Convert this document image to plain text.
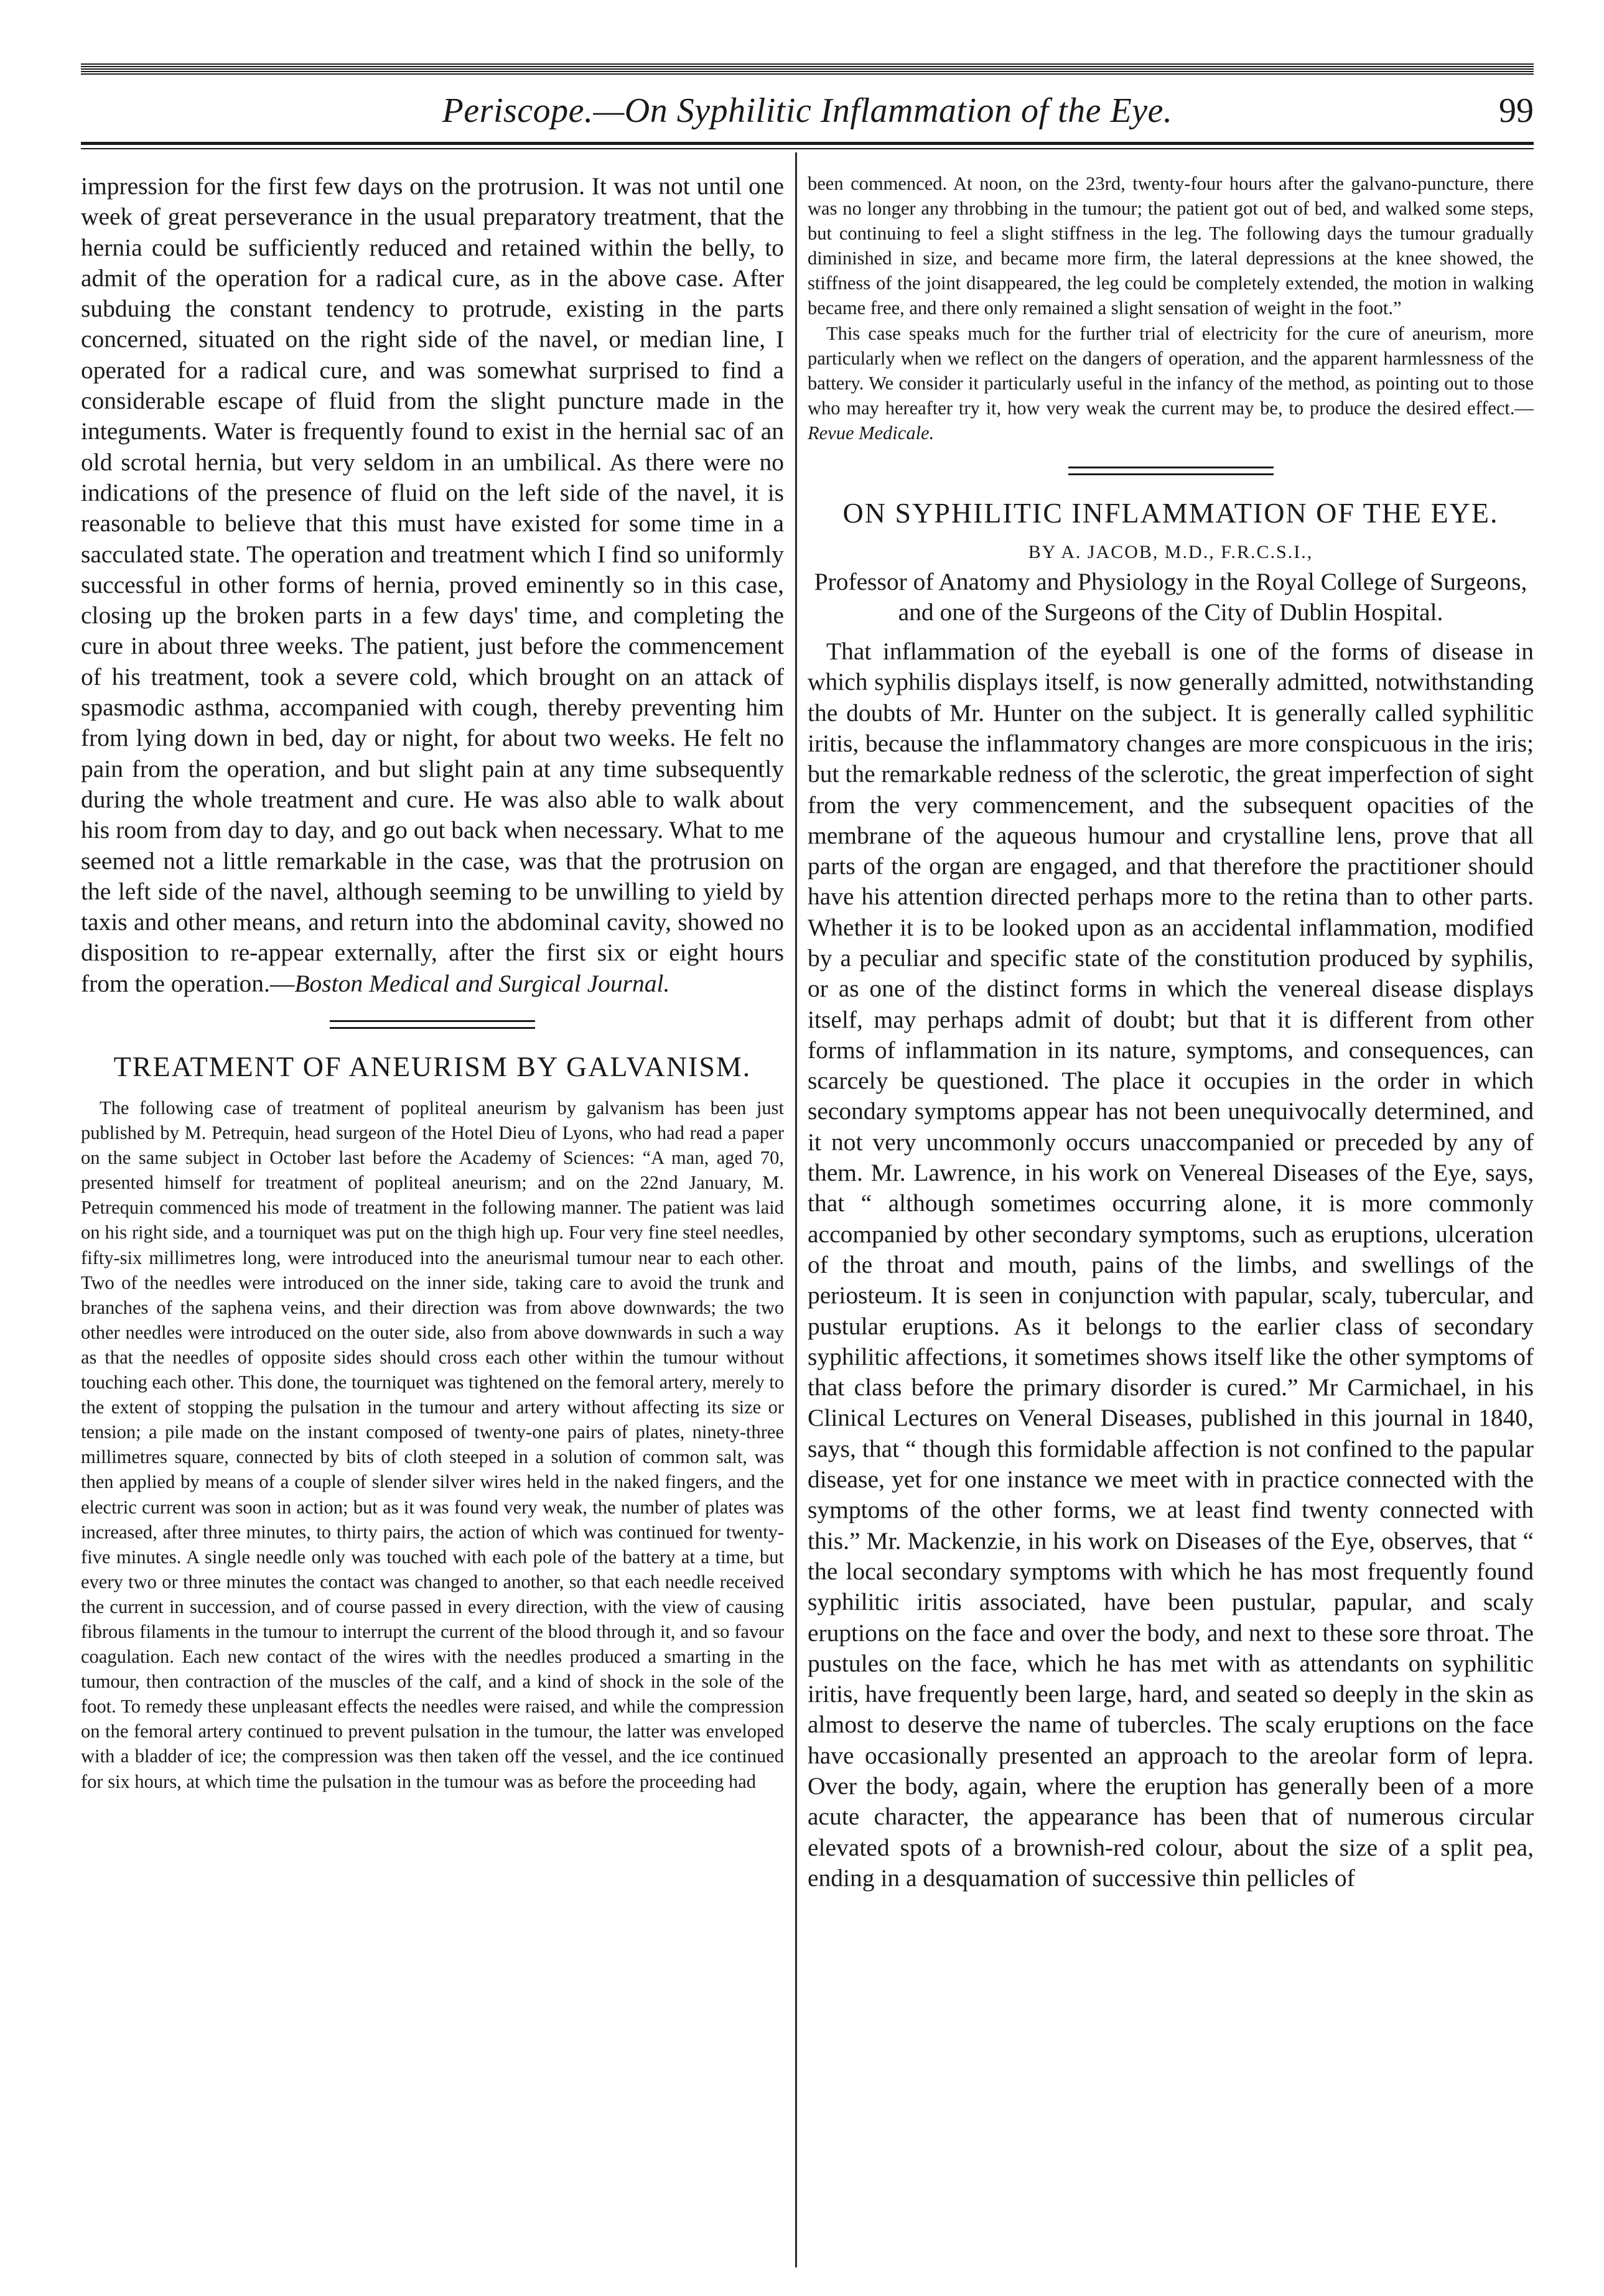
Periscope.—On Syphilitic Inflammation of the Eye.	99

impression for the first few days on the protrusion. It was not until one week of great perseverance in the usual preparatory treatment, that the hernia could be sufficiently reduced and retained within the belly, to admit of the operation for a radical cure, as in the above case. After subduing the constant tendency to protrude, existing in the parts concerned, situated on the right side of the navel, or median line, I operated for a radical cure, and was somewhat surprised to find a considerable escape of fluid from the slight puncture made in the integuments. Water is frequently found to exist in the hernial sac of an old scrotal hernia, but very seldom in an umbilical. As there were no indications of the presence of fluid on the left side of the navel, it is reasonable to believe that this must have existed for some time in a sacculated state. The operation and treatment which I find so uniformly successful in other forms of hernia, proved eminently so in this case, closing up the broken parts in a few days' time, and completing the cure in about three weeks. The patient, just before the commencement of his treatment, took a severe cold, which brought on an attack of spasmodic asthma, accompanied with cough, thereby preventing him from lying down in bed, day or night, for about two weeks. He felt no pain from the operation, and but slight pain at any time subsequently during the whole treatment and cure. He was also able to walk about his room from day to day, and go out back when necessary. What to me seemed not a little remarkable in the case, was that the protrusion on the left side of the navel, although seeming to be unwilling to yield by taxis and other means, and return into the abdominal cavity, showed no disposition to re-appear externally, after the first six or eight hours from the operation.—Boston Medical and Surgical Journal.

TREATMENT OF ANEURISM BY GALVANISM.

The following case of treatment of popliteal aneurism by galvanism has been just published by M. Petrequin, head surgeon of the Hotel Dieu of Lyons, who had read a paper on the same subject in October last before the Academy of Sciences: “A man, aged 70, presented himself for treatment of popliteal aneurism; and on the 22nd January, M. Petrequin commenced his mode of treatment in the following manner. The patient was laid on his right side, and a tourniquet was put on the thigh high up. Four very fine steel needles, fifty-six millimetres long, were introduced into the aneurismal tumour near to each other. Two of the needles were introduced on the inner side, taking care to avoid the trunk and branches of the saphena veins, and their direction was from above downwards; the two other needles were introduced on the outer side, also from above downwards in such a way as that the needles of opposite sides should cross each other within the tumour without touching each other. This done, the tourniquet was tightened on the femoral artery, merely to the extent of stopping the pulsation in the tumour and artery without affecting its size or tension; a pile made on the instant composed of twenty-one pairs of plates, ninety-three millimetres square, connected by bits of cloth steeped in a solution of common salt, was then applied by means of a couple of slender silver wires held in the naked fingers, and the electric current was soon in action; but as it was found very weak, the number of plates was increased, after three minutes, to thirty pairs, the action of which was continued for twenty-five minutes. A single needle only was touched with each pole of the battery at a time, but every two or three minutes the contact was changed to another, so that each needle received the current in succession, and of course passed in every direction, with the view of causing fibrous filaments in the tumour to interrupt the current of the blood through it, and so favour coagulation. Each new contact of the wires with the needles produced a smarting in the tumour, then contraction of the muscles of the calf, and a kind of shock in the sole of the foot. To remedy these unpleasant effects the needles were raised, and while the compression on the femoral artery continued to prevent pulsation in the tumour, the latter was enveloped with a bladder of ice; the compression was then taken off the vessel, and the ice continued for six hours, at which time the pulsation in the tumour was as before the proceeding had

been commenced. At noon, on the 23rd, twenty-four hours after the galvano-puncture, there was no longer any throbbing in the tumour; the patient got out of bed, and walked some steps, but continuing to feel a slight stiffness in the leg. The following days the tumour gradually diminished in size, and became more firm, the lateral depressions at the knee showed, the stiffness of the joint disappeared, the leg could be completely extended, the motion in walking became free, and there only remained a slight sensation of weight in the foot.”

This case speaks much for the further trial of electricity for the cure of aneurism, more particularly when we reflect on the dangers of operation, and the apparent harmlessness of the battery. We consider it particularly useful in the infancy of the method, as pointing out to those who may hereafter try it, how very weak the current may be, to produce the desired effect.—Revue Medicale.

ON SYPHILITIC INFLAMMATION OF THE EYE.
BY A. JACOB, M.D., F.R.C.S.I.,
Professor of Anatomy and Physiology in the Royal College of Surgeons, and one of the Surgeons of the City of Dublin Hospital.

That inflammation of the eyeball is one of the forms of disease in which syphilis displays itself, is now generally admitted, notwithstanding the doubts of Mr. Hunter on the subject. It is generally called syphilitic iritis, because the inflammatory changes are more conspicuous in the iris; but the remarkable redness of the sclerotic, the great imperfection of sight from the very commencement, and the subsequent opacities of the membrane of the aqueous humour and crystalline lens, prove that all parts of the organ are engaged, and that therefore the practitioner should have his attention directed perhaps more to the retina than to other parts. Whether it is to be looked upon as an accidental inflammation, modified by a peculiar and specific state of the constitution produced by syphilis, or as one of the distinct forms in which the venereal disease displays itself, may perhaps admit of doubt; but that it is different from other forms of inflammation in its nature, symptoms, and consequences, can scarcely be questioned. The place it occupies in the order in which secondary symptoms appear has not been unequivocally determined, and it not very uncommonly occurs unaccompanied or preceded by any of them. Mr. Lawrence, in his work on Venereal Diseases of the Eye, says, that “ although sometimes occurring alone, it is more commonly accompanied by other secondary symptoms, such as eruptions, ulceration of the throat and mouth, pains of the limbs, and swellings of the periosteum. It is seen in conjunction with papular, scaly, tubercular, and pustular eruptions. As it belongs to the earlier class of secondary syphilitic affections, it sometimes shows itself like the other symptoms of that class before the primary disorder is cured.” Mr Carmichael, in his Clinical Lectures on Veneral Diseases, published in this journal in 1840, says, that “ though this formidable affection is not confined to the papular disease, yet for one instance we meet with in practice connected with the symptoms of the other forms, we at least find twenty connected with this.” Mr. Mackenzie, in his work on Diseases of the Eye, observes, that “ the local secondary symptoms with which he has most frequently found syphilitic iritis associated, have been pustular, papular, and scaly eruptions on the face and over the body, and next to these sore throat. The pustules on the face, which he has met with as attendants on syphilitic iritis, have frequently been large, hard, and seated so deeply in the skin as almost to deserve the name of tubercles. The scaly eruptions on the face have occasionally presented an approach to the areolar form of lepra. Over the body, again, where the eruption has generally been of a more acute character, the appearance has been that of numerous circular elevated spots of a brownish-red colour, about the size of a split pea, ending in a desquamation of successive thin pellicles of
